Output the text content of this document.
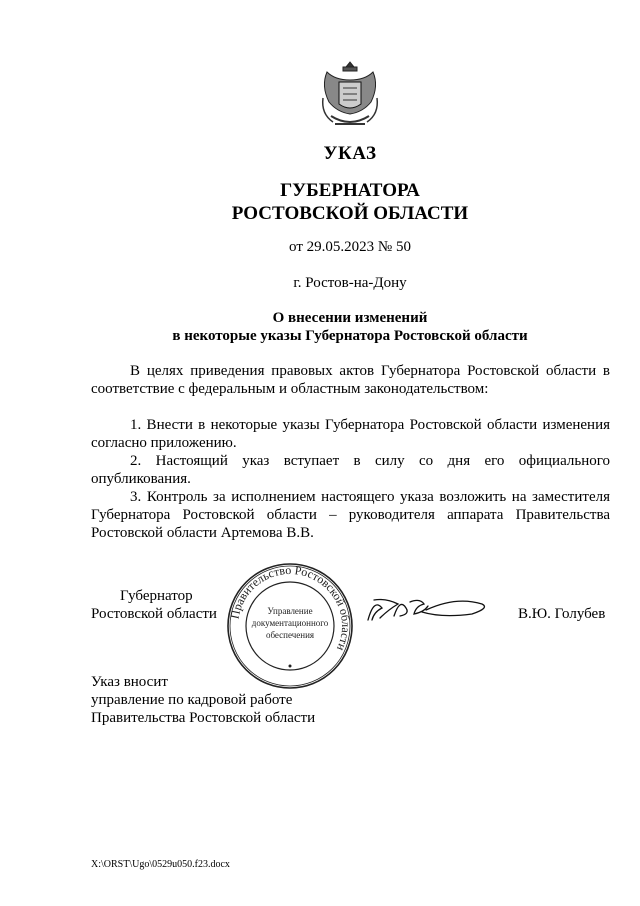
УКАЗ
ГУБЕРНАТОРА
РОСТОВСКОЙ ОБЛАСТИ
от 29.05.2023 № 50
г. Ростов-на-Дону
О внесении изменений
в некоторые указы Губернатора Ростовской области

В целях приведения правовых актов Губернатора Ростовской области в соответствие с федеральным и областным законодательством:

1. Внести в некоторые указы Губернатора Ростовской области изменения согласно приложению.

2. Настоящий указ вступает в силу со дня его официального опубликования.

3. Контроль за исполнением настоящего указа возложить на заместителя Губернатора Ростовской области – руководителя аппарата Правительства Ростовской области Артемова В.В.

Губернатор
Ростовской области Правительство Ростовской области
Управление
документационного
обеспечения
В.Ю. Голубев
Указ вносит
управление по кадровой работе
Правительства Ростовской области
X:\ORST\Ugo\0529u050.f23.docx
